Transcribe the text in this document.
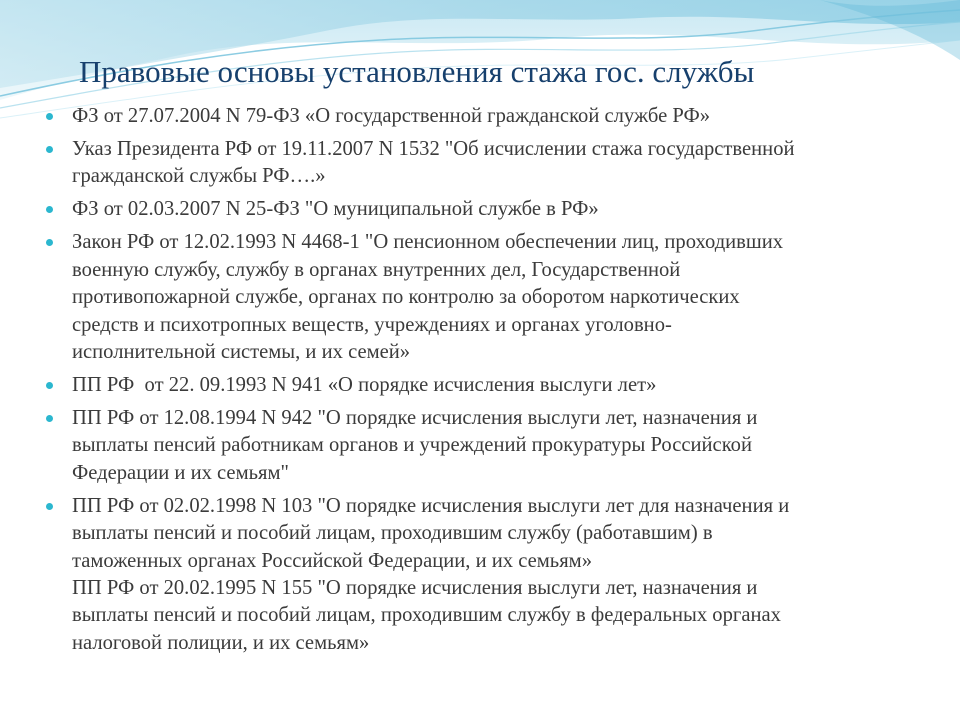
Правовые основы установления стажа гос. службы
ФЗ от 27.07.2004 N 79-ФЗ «О государственной гражданской службе РФ»
Указ Президента РФ от 19.11.2007 N 1532 "Об исчислении стажа государственной
гражданской службы РФ….»
ФЗ от 02.03.2007 N 25-ФЗ "О муниципальной службе в РФ»
Закон РФ от 12.02.1993 N 4468-1 "О пенсионном обеспечении лиц, проходивших
военную службу, службу в органах внутренних дел, Государственной
противопожарной службе, органах по контролю за оборотом наркотических
средств и психотропных веществ, учреждениях и органах уголовно-
исполнительной системы, и их семей»
ПП РФ  от 22. 09.1993 N 941 «О порядке исчисления выслуги лет»
ПП РФ от 12.08.1994 N 942 "О порядке исчисления выслуги лет, назначения и
выплаты пенсий работникам органов и учреждений прокуратуры Российской
Федерации и их семьям"
ПП РФ от 02.02.1998 N 103 "О порядке исчисления выслуги лет для назначения и
выплаты пенсий и пособий лицам, проходившим службу (работавшим) в
таможенных органах Российской Федерации, и их семьям»
ПП РФ от 20.02.1995 N 155 "О порядке исчисления выслуги лет, назначения и
выплаты пенсий и пособий лицам, проходившим службу в федеральных органах
налоговой полиции, и их семьям»
